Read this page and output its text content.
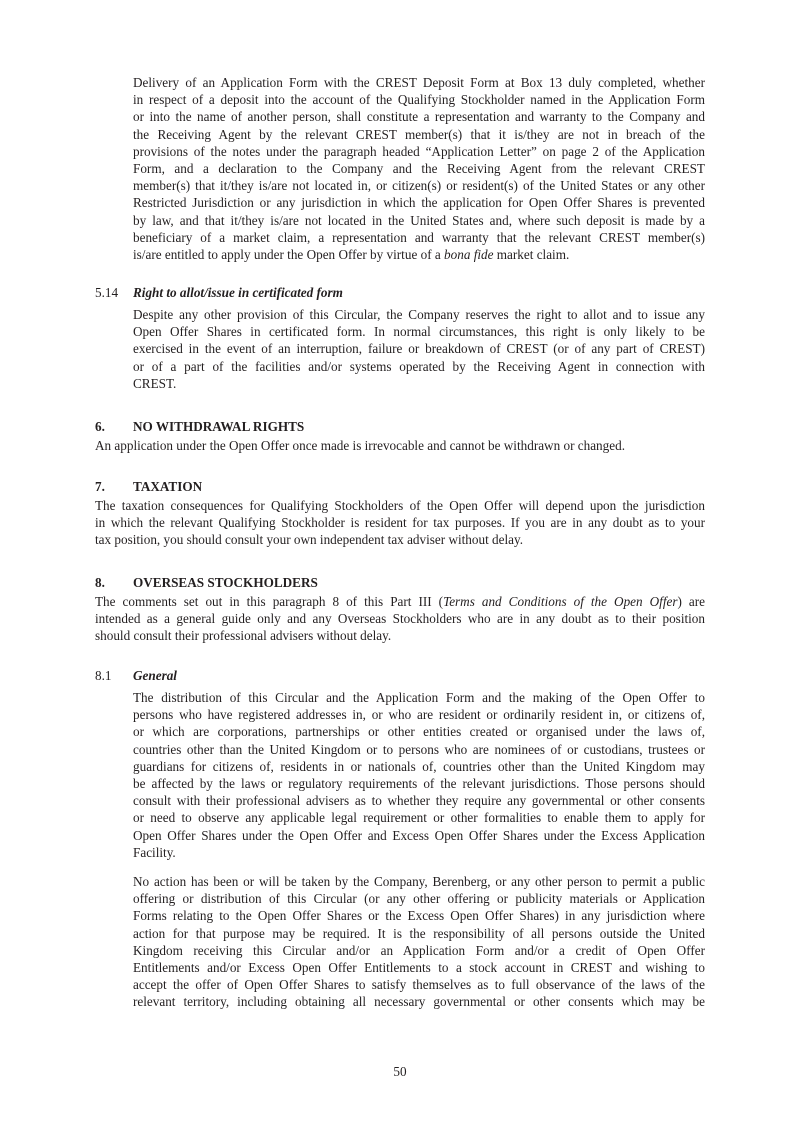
Delivery of an Application Form with the CREST Deposit Form at Box 13 duly completed, whether
in respect of a deposit into the account of the Qualifying Stockholder named in the Application Form
or into the name of another person, shall constitute a representation and warranty to the Company and
the Receiving Agent by the relevant CREST member(s) that it is/they are not in breach of the
provisions of the notes under the paragraph headed “Application Letter” on page 2 of the Application
Form, and a declaration to the Company and the Receiving Agent from the relevant CREST
member(s) that it/they is/are not located in, or citizen(s) or resident(s) of the United States or any other
Restricted Jurisdiction or any jurisdiction in which the application for Open Offer Shares is prevented
by law, and that it/they is/are not located in the United States and, where such deposit is made by a
beneficiary of a market claim, a representation and warranty that the relevant CREST member(s)
is/are entitled to apply under the Open Offer by virtue of a bona fide market claim.
5.14 Right to allot/issue in certificated form
Despite any other provision of this Circular, the Company reserves the right to allot and to issue any
Open Offer Shares in certificated form. In normal circumstances, this right is only likely to be
exercised in the event of an interruption, failure or breakdown of CREST (or of any part of CREST)
or of a part of the facilities and/or systems operated by the Receiving Agent in connection with
CREST.
6. NO WITHDRAWAL RIGHTS
An application under the Open Offer once made is irrevocable and cannot be withdrawn or changed.
7. TAXATION
The taxation consequences for Qualifying Stockholders of the Open Offer will depend upon the jurisdiction
in which the relevant Qualifying Stockholder is resident for tax purposes. If you are in any doubt as to your
tax position, you should consult your own independent tax adviser without delay.
8. OVERSEAS STOCKHOLDERS
The comments set out in this paragraph 8 of this Part III (Terms and Conditions of the Open Offer) are
intended as a general guide only and any Overseas Stockholders who are in any doubt as to their position
should consult their professional advisers without delay.
8.1 General
The distribution of this Circular and the Application Form and the making of the Open Offer to
persons who have registered addresses in, or who are resident or ordinarily resident in, or citizens of,
or which are corporations, partnerships or other entities created or organised under the laws of,
countries other than the United Kingdom or to persons who are nominees of or custodians, trustees or
guardians for citizens of, residents in or nationals of, countries other than the United Kingdom may
be affected by the laws or regulatory requirements of the relevant jurisdictions. Those persons should
consult with their professional advisers as to whether they require any governmental or other consents
or need to observe any applicable legal requirement or other formalities to enable them to apply for
Open Offer Shares under the Open Offer and Excess Open Offer Shares under the Excess Application
Facility.
No action has been or will be taken by the Company, Berenberg, or any other person to permit a public
offering or distribution of this Circular (or any other offering or publicity materials or Application
Forms relating to the Open Offer Shares or the Excess Open Offer Shares) in any jurisdiction where
action for that purpose may be required. It is the responsibility of all persons outside the United
Kingdom receiving this Circular and/or an Application Form and/or a credit of Open Offer
Entitlements and/or Excess Open Offer Entitlements to a stock account in CREST and wishing to
accept the offer of Open Offer Shares to satisfy themselves as to full observance of the laws of the
relevant territory, including obtaining all necessary governmental or other consents which may be
50
